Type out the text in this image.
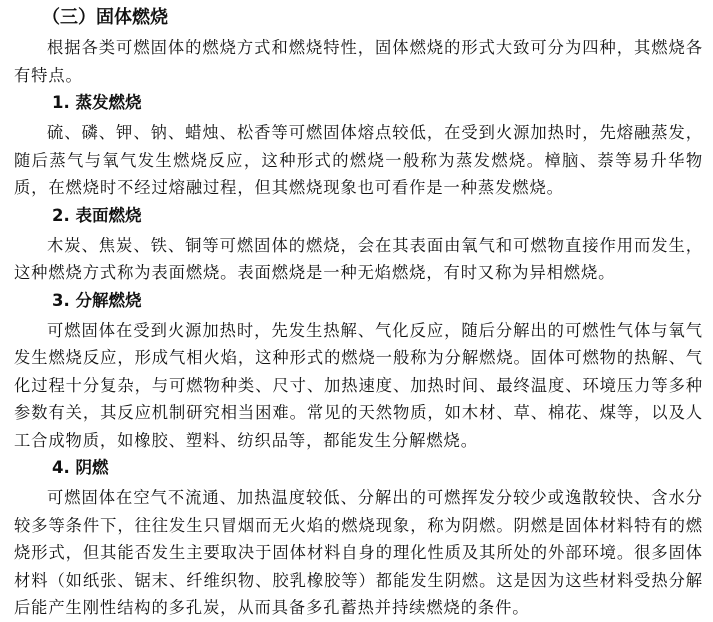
（三）固体燃烧

根据各类可燃固体的燃烧方式和燃烧特性，固体燃烧的形式大致可分为四种，其燃烧各有特点。

1. 蒸发燃烧

硫、磷、钾、钠、蜡烛、松香等可燃固体熔点较低，在受到火源加热时，先熔融蒸发，随后蒸气与氧气发生燃烧反应，这种形式的燃烧一般称为蒸发燃烧。樟脑、萘等易升华物质，在燃烧时不经过熔融过程，但其燃烧现象也可看作是一种蒸发燃烧。

2. 表面燃烧

木炭、焦炭、铁、铜等可燃固体的燃烧，会在其表面由氧气和可燃物直接作用而发生，这种燃烧方式称为表面燃烧。表面燃烧是一种无焰燃烧，有时又称为异相燃烧。

3. 分解燃烧

可燃固体在受到火源加热时，先发生热解、气化反应，随后分解出的可燃性气体与氧气发生燃烧反应，形成气相火焰，这种形式的燃烧一般称为分解燃烧。固体可燃物的热解、气化过程十分复杂，与可燃物种类、尺寸、加热速度、加热时间、最终温度、环境压力等多种参数有关，其反应机制研究相当困难。常见的天然物质，如木材、草、棉花、煤等，以及人工合成物质，如橡胶、塑料、纺织品等，都能发生分解燃烧。

4. 阴燃

可燃固体在空气不流通、加热温度较低、分解出的可燃挥发分较少或逸散较快、含水分较多等条件下，往往发生只冒烟而无火焰的燃烧现象，称为阴燃。阴燃是固体材料特有的燃烧形式，但其能否发生主要取决于固体材料自身的理化性质及其所处的外部环境。很多固体材料（如纸张、锯末、纤维织物、胶乳橡胶等）都能发生阴燃。这是因为这些材料受热分解后能产生刚性结构的多孔炭，从而具备多孔蓄热并持续燃烧的条件。
